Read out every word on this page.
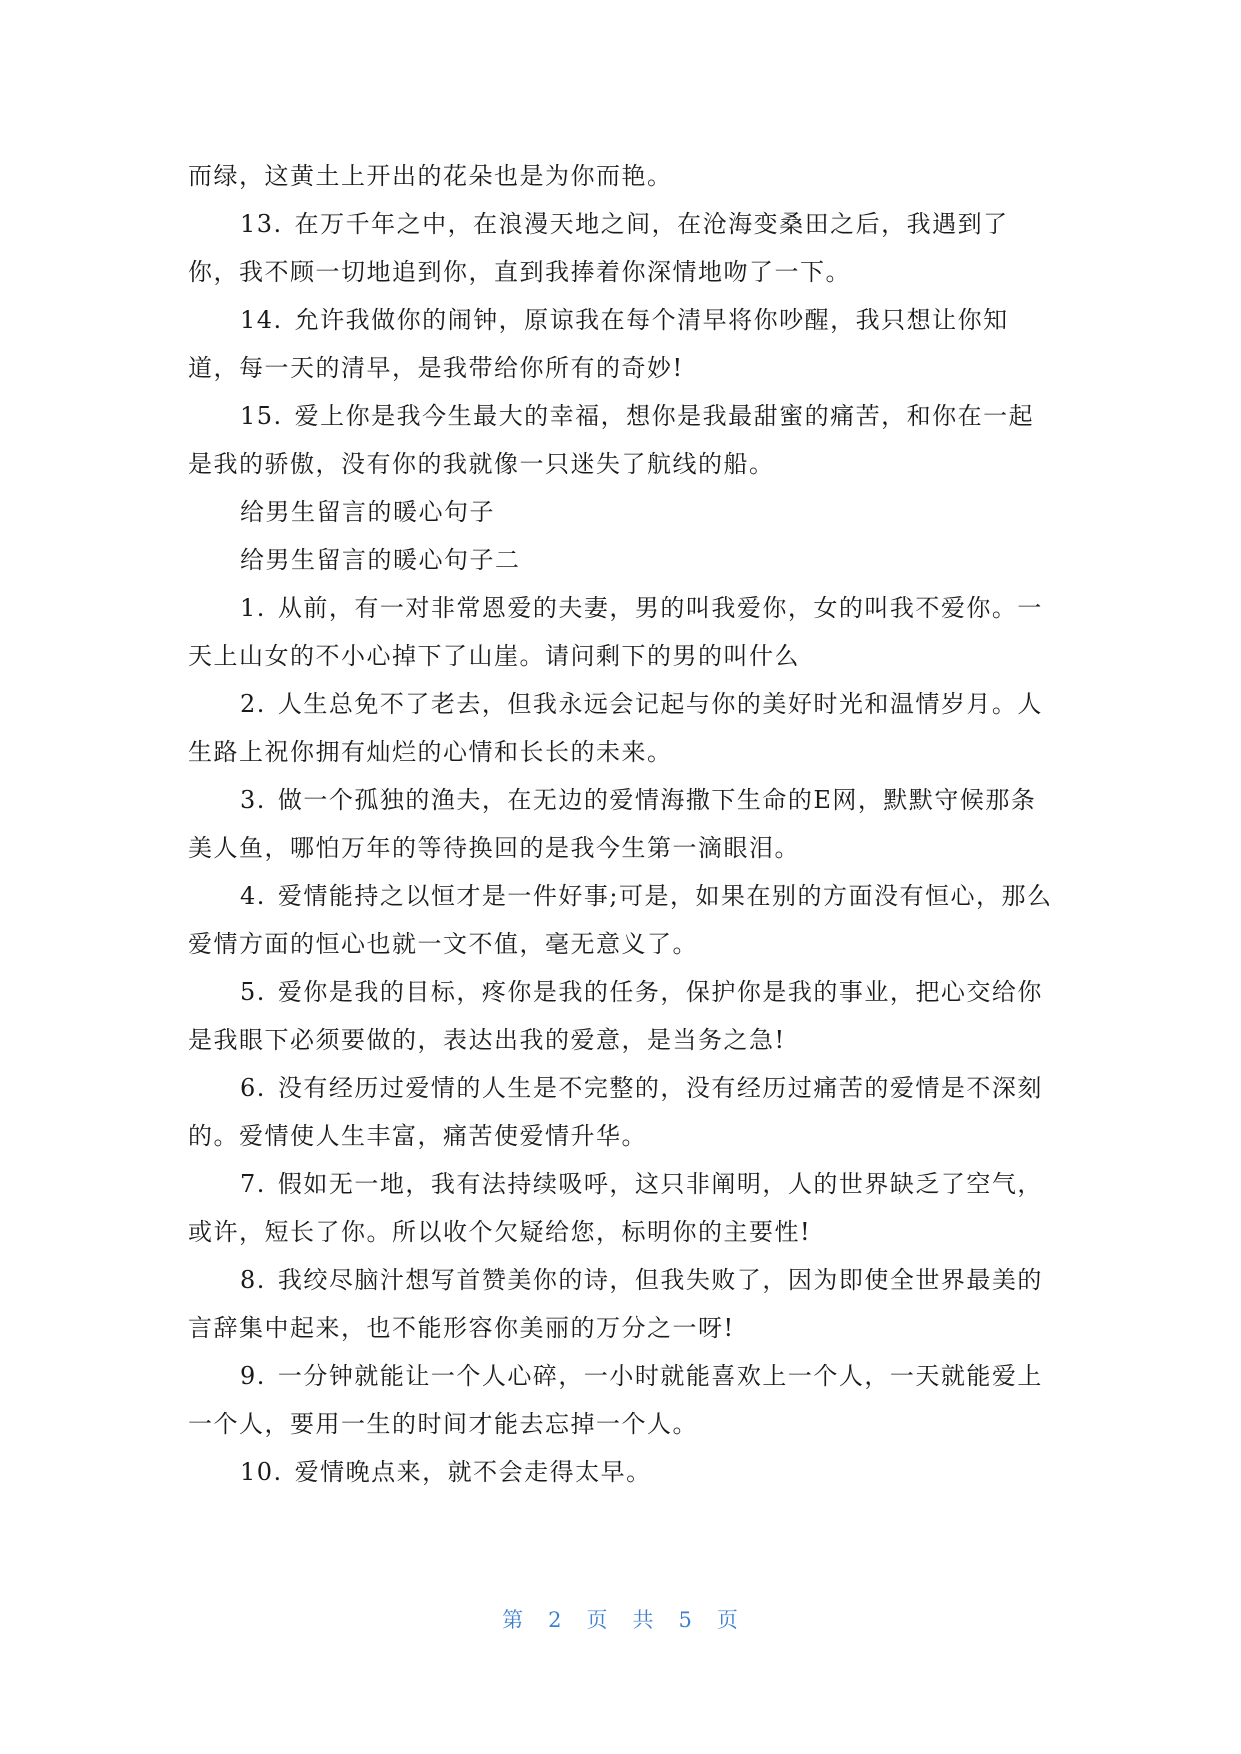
而绿，这黄土上开出的花朵也是为你而艳。

13. 在万千年之中，在浪漫天地之间，在沧海变桑田之后，我遇到了你，我不顾一切地追到你，直到我捧着你深情地吻了一下。

14. 允许我做你的闹钟，原谅我在每个清早将你吵醒，我只想让你知道，每一天的清早，是我带给你所有的奇妙!

15. 爱上你是我今生最大的幸福，想你是我最甜蜜的痛苦，和你在一起是我的骄傲，没有你的我就像一只迷失了航线的船。

给男生留言的暖心句子

给男生留言的暖心句子二

1. 从前，有一对非常恩爱的夫妻，男的叫我爱你，女的叫我不爱你。一天上山女的不小心掉下了山崖。请问剩下的男的叫什么

2. 人生总免不了老去，但我永远会记起与你的美好时光和温情岁月。人生路上祝你拥有灿烂的心情和长长的未来。

3. 做一个孤独的渔夫，在无边的爱情海撒下生命的E网，默默守候那条美人鱼，哪怕万年的等待换回的是我今生第一滴眼泪。

4. 爱情能持之以恒才是一件好事;可是，如果在别的方面没有恒心，那么爱情方面的恒心也就一文不值，毫无意义了。

5. 爱你是我的目标，疼你是我的任务，保护你是我的事业，把心交给你是我眼下必须要做的，表达出我的爱意，是当务之急!

6. 没有经历过爱情的人生是不完整的，没有经历过痛苦的爱情是不深刻的。爱情使人生丰富，痛苦使爱情升华。

7. 假如无一地，我有法持续吸呼，这只非阐明，人的世界缺乏了空气，或许，短长了你。所以收个欠疑给您，标明你的主要性!

8. 我绞尽脑汁想写首赞美你的诗，但我失败了，因为即使全世界最美的言辞集中起来，也不能形容你美丽的万分之一呀!

9. 一分钟就能让一个人心碎，一小时就能喜欢上一个人，一天就能爱上一个人，要用一生的时间才能去忘掉一个人。

10. 爱情晚点来，就不会走得太早。

第 2 页 共 5 页
